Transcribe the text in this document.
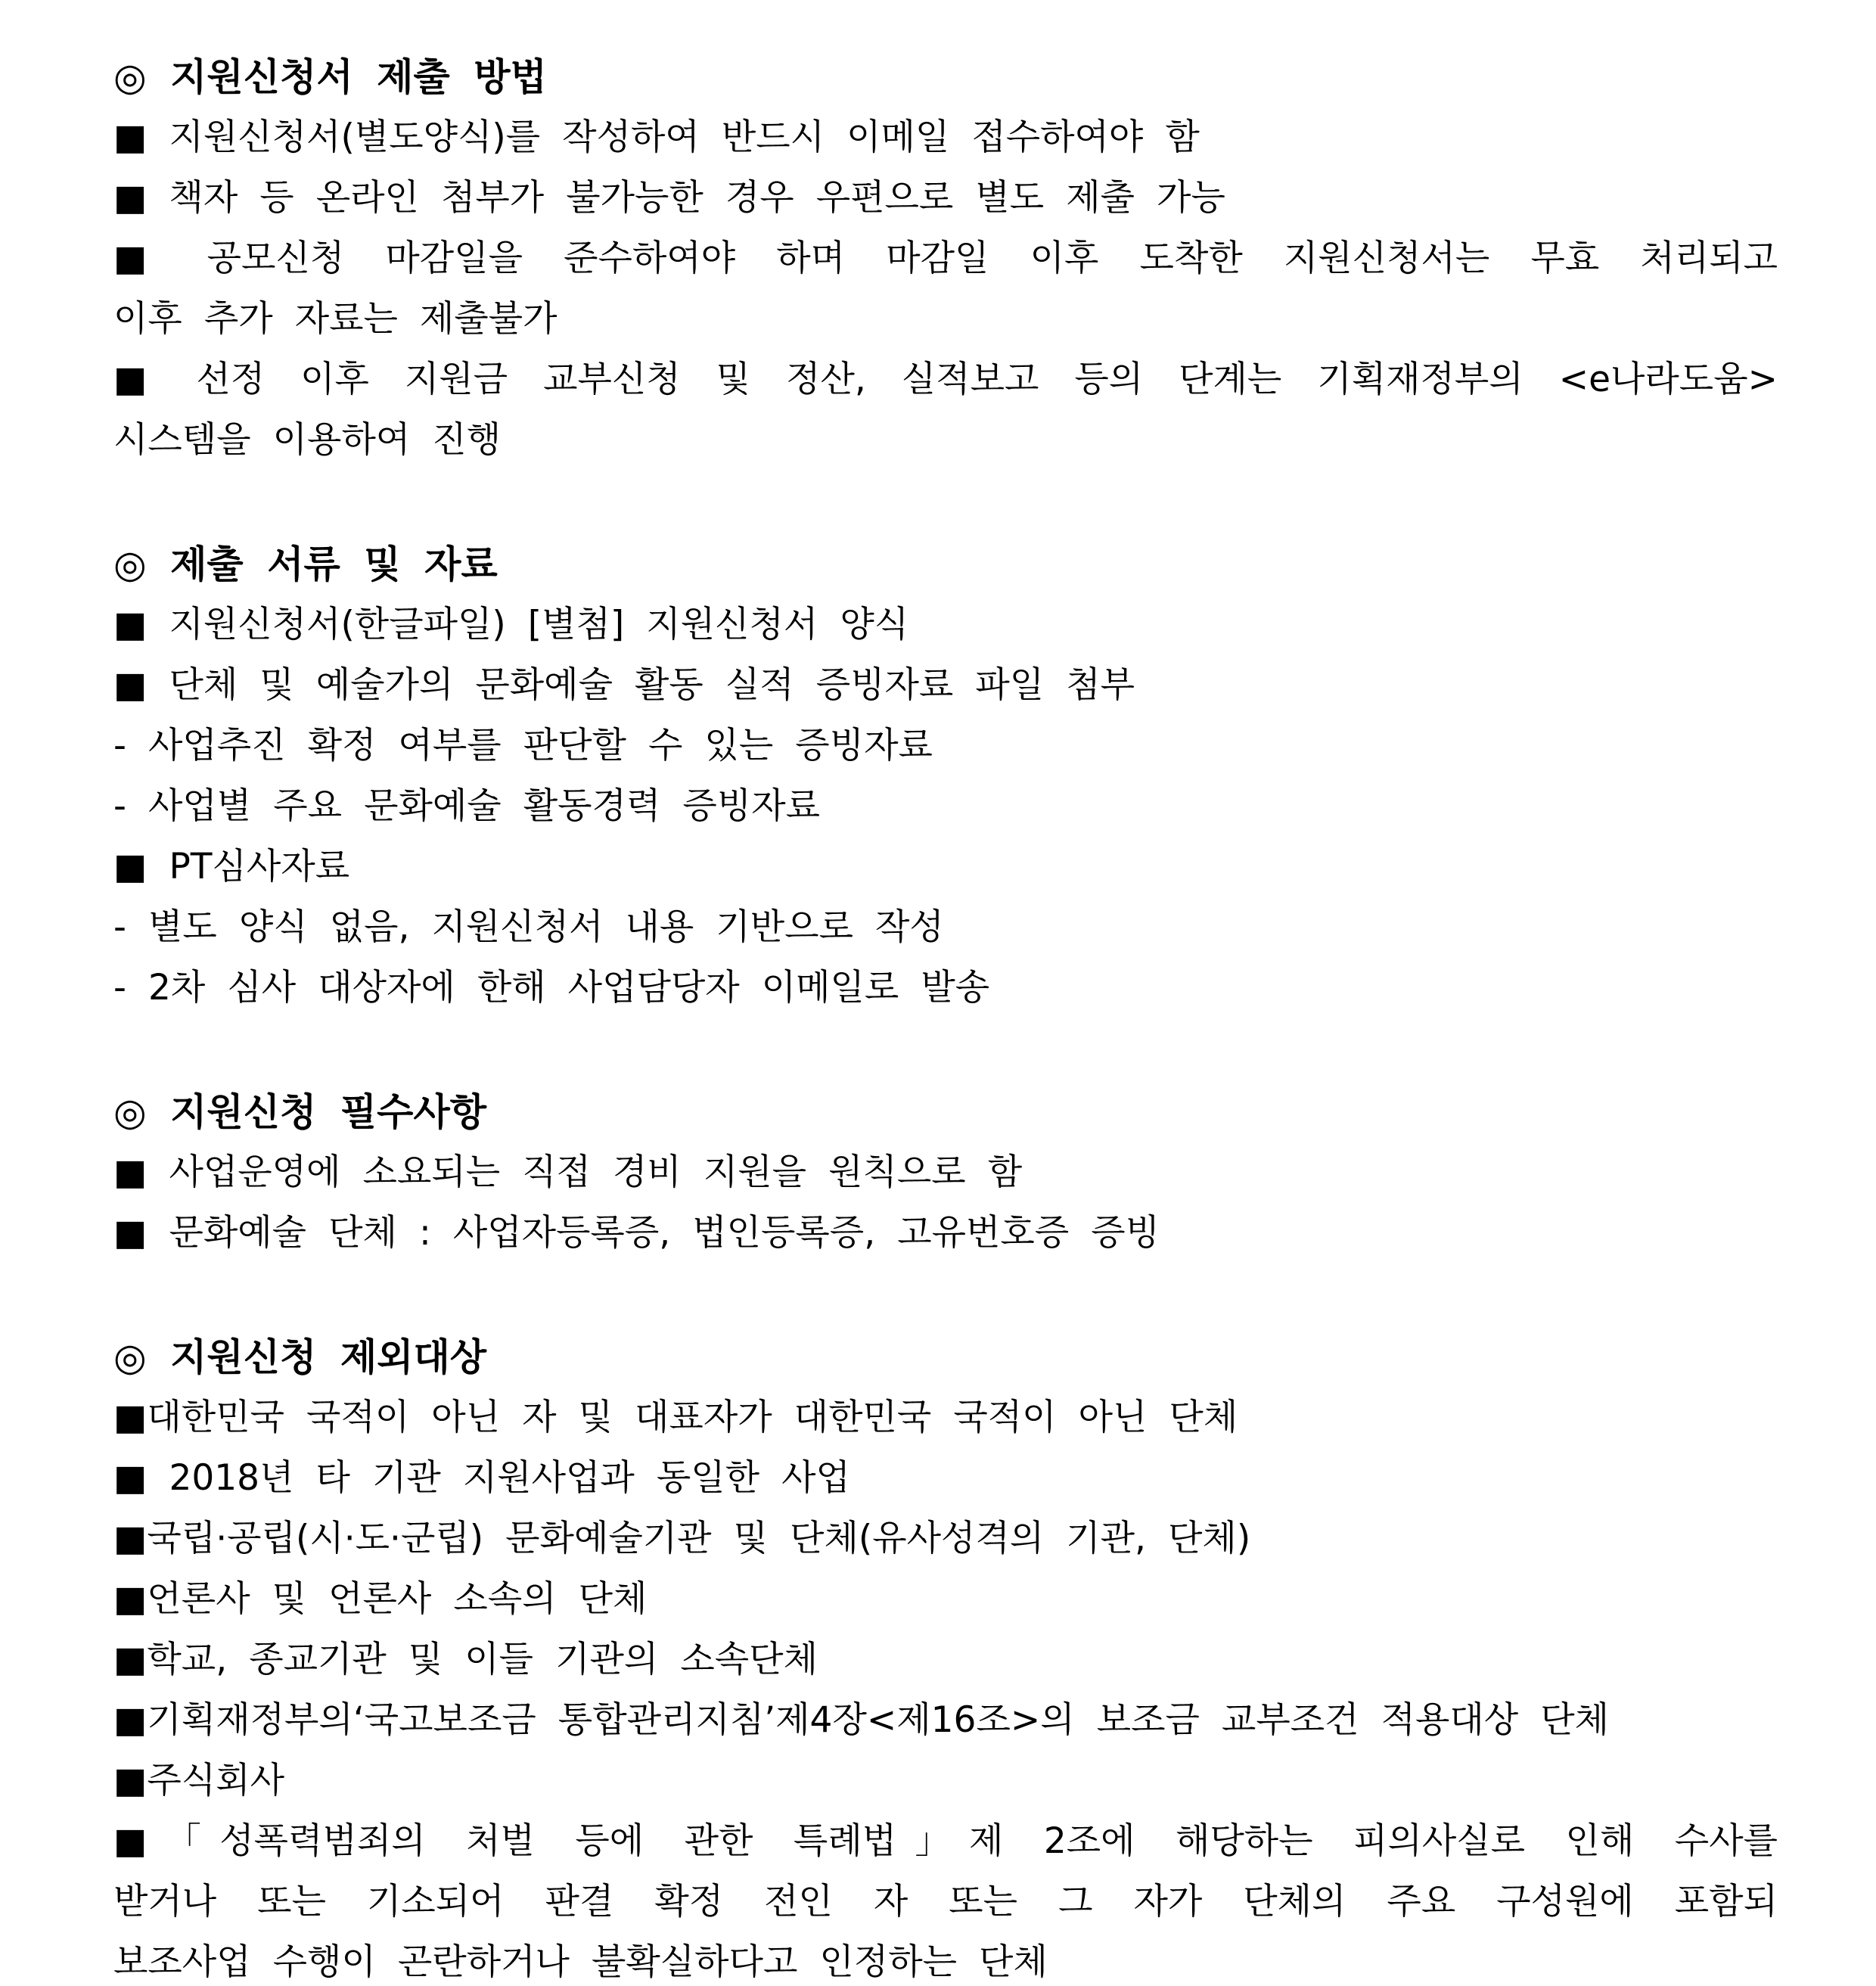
◎ 지원신청서 제출 방법

■ 지원신청서(별도양식)를 작성하여 반드시 이메일 접수하여야 함

■ 책자 등 온라인 첨부가 불가능한 경우 우편으로 별도 제출 가능

■ 공모신청 마감일을 준수하여야 하며 마감일 이후 도착한 지원신청서는 무효 처리되고

이후 추가 자료는 제출불가

■ 선정 이후 지원금 교부신청 및 정산, 실적보고 등의 단계는 기획재정부의 <e나라도움>

시스템을 이용하여 진행

◎ 제출 서류 및 자료

■ 지원신청서(한글파일) [별첨] 지원신청서 양식

■ 단체 및 예술가의 문화예술 활동 실적 증빙자료 파일 첨부

- 사업추진 확정 여부를 판단할 수 있는 증빙자료

- 사업별 주요 문화예술 활동경력 증빙자료

■ PT심사자료

- 별도 양식 없음, 지원신청서 내용 기반으로 작성

- 2차 심사 대상자에 한해 사업담당자 이메일로 발송

◎ 지원신청 필수사항

■ 사업운영에 소요되는 직접 경비 지원을 원칙으로 함

■ 문화예술 단체 : 사업자등록증, 법인등록증, 고유번호증 증빙

◎ 지원신청 제외대상

■대한민국 국적이 아닌 자 및 대표자가 대한민국 국적이 아닌 단체

■ 2018년 타 기관 지원사업과 동일한 사업

■국립·공립(시·도·군립) 문화예술기관 및 단체(유사성격의 기관, 단체)

■언론사 및 언론사 소속의 단체

■학교, 종교기관 및 이들 기관의 소속단체

■기획재정부의‘국고보조금 통합관리지침’제4장<제16조>의 보조금 교부조건 적용대상 단체

■주식회사

■「성폭력범죄의 처벌 등에 관한 특례법」제 2조에 해당하는 피의사실로 인해 수사를

받거나 또는 기소되어 판결 확정 전인 자 또는 그 자가 단체의 주요 구성원에 포함되

보조사업 수행이 곤란하거나 불확실하다고 인정하는 단체
